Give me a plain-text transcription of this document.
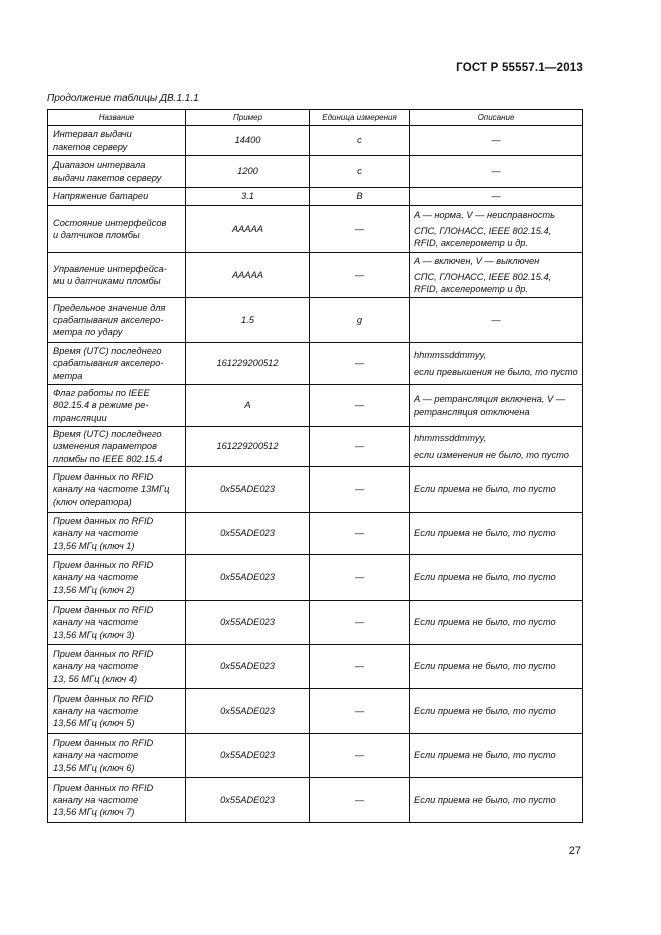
ГОСТ Р 55557.1—2013
Продолжение таблицы ДВ.1.1.1
Название	Пример	Единица измерения	Описание
Интервал выдачи
пакетов серверу	14400	с	—

Диапазон интервала
выдачи пакетов серверу	1200	с	—

Напряжение батареи	3.1	В	—

Состояние интерфейсов
и датчиков пломбы	AAAAA	—	A — норма, V — неисправность
СПС, ГЛОНАСС, IEEE 802.15.4, RFID, акселерометр и др.

Управление интерфейса-
ми и датчиками пломбы	AAAAA	—	A — включен, V — выключен
СПС, ГЛОНАСС, IEEE 802.15.4, RFID, акселерометр и др.

Предельное значение для
срабатывания акселеро-
метра по удару	1.5	g	—

Время (UTC) последнего
срабатывания акселеро-
метра	161229200512	—	hhmmssddmmyy,
если превышения не было, то пусто

Флаг работы по IEEE
802.15.4 в режиме ре-
трансляции	A	—	A — ретрансляция включена, V — ретрансляция отключена

Время (UTC) последнего
изменения параметров
пломбы по IEEE 802.15.4	161229200512	—	hhmmssddmmyy,
если изменения не было, то пусто

Прием данных по RFID
каналу на частоте 13МГц
(ключ оператора)	0x55ADE023	—	Если приема не было, то пусто

Прием данных по RFID
каналу на частоте
13,56 МГц (ключ 1)	0x55ADE023	—	Если приема не было, то пусто

Прием данных по RFID
каналу на частоте
13,56 МГц (ключ 2)	0x55ADE023	—	Если приема не было, то пусто

Прием данных по RFID
каналу на частоте
13,56 МГц (ключ 3)	0x55ADE023	—	Если приема не было, то пусто

Прием данных по RFID
каналу на частоте
13, 56 МГц (ключ 4)	0x55ADE023	—	Если приема не было, то пусто

Прием данных по RFID
каналу на частоте
13,56 МГц (ключ 5)	0x55ADE023	—	Если приема не было, то пусто

Прием данных по RFID
каналу на частоте
13,56 МГц (ключ 6)	0x55ADE023	—	Если приема не было, то пусто

Прием данных по RFID
каналу на частоте
13,56 МГц (ключ 7)	0x55ADE023	—	Если приема не было, то пусто
27
